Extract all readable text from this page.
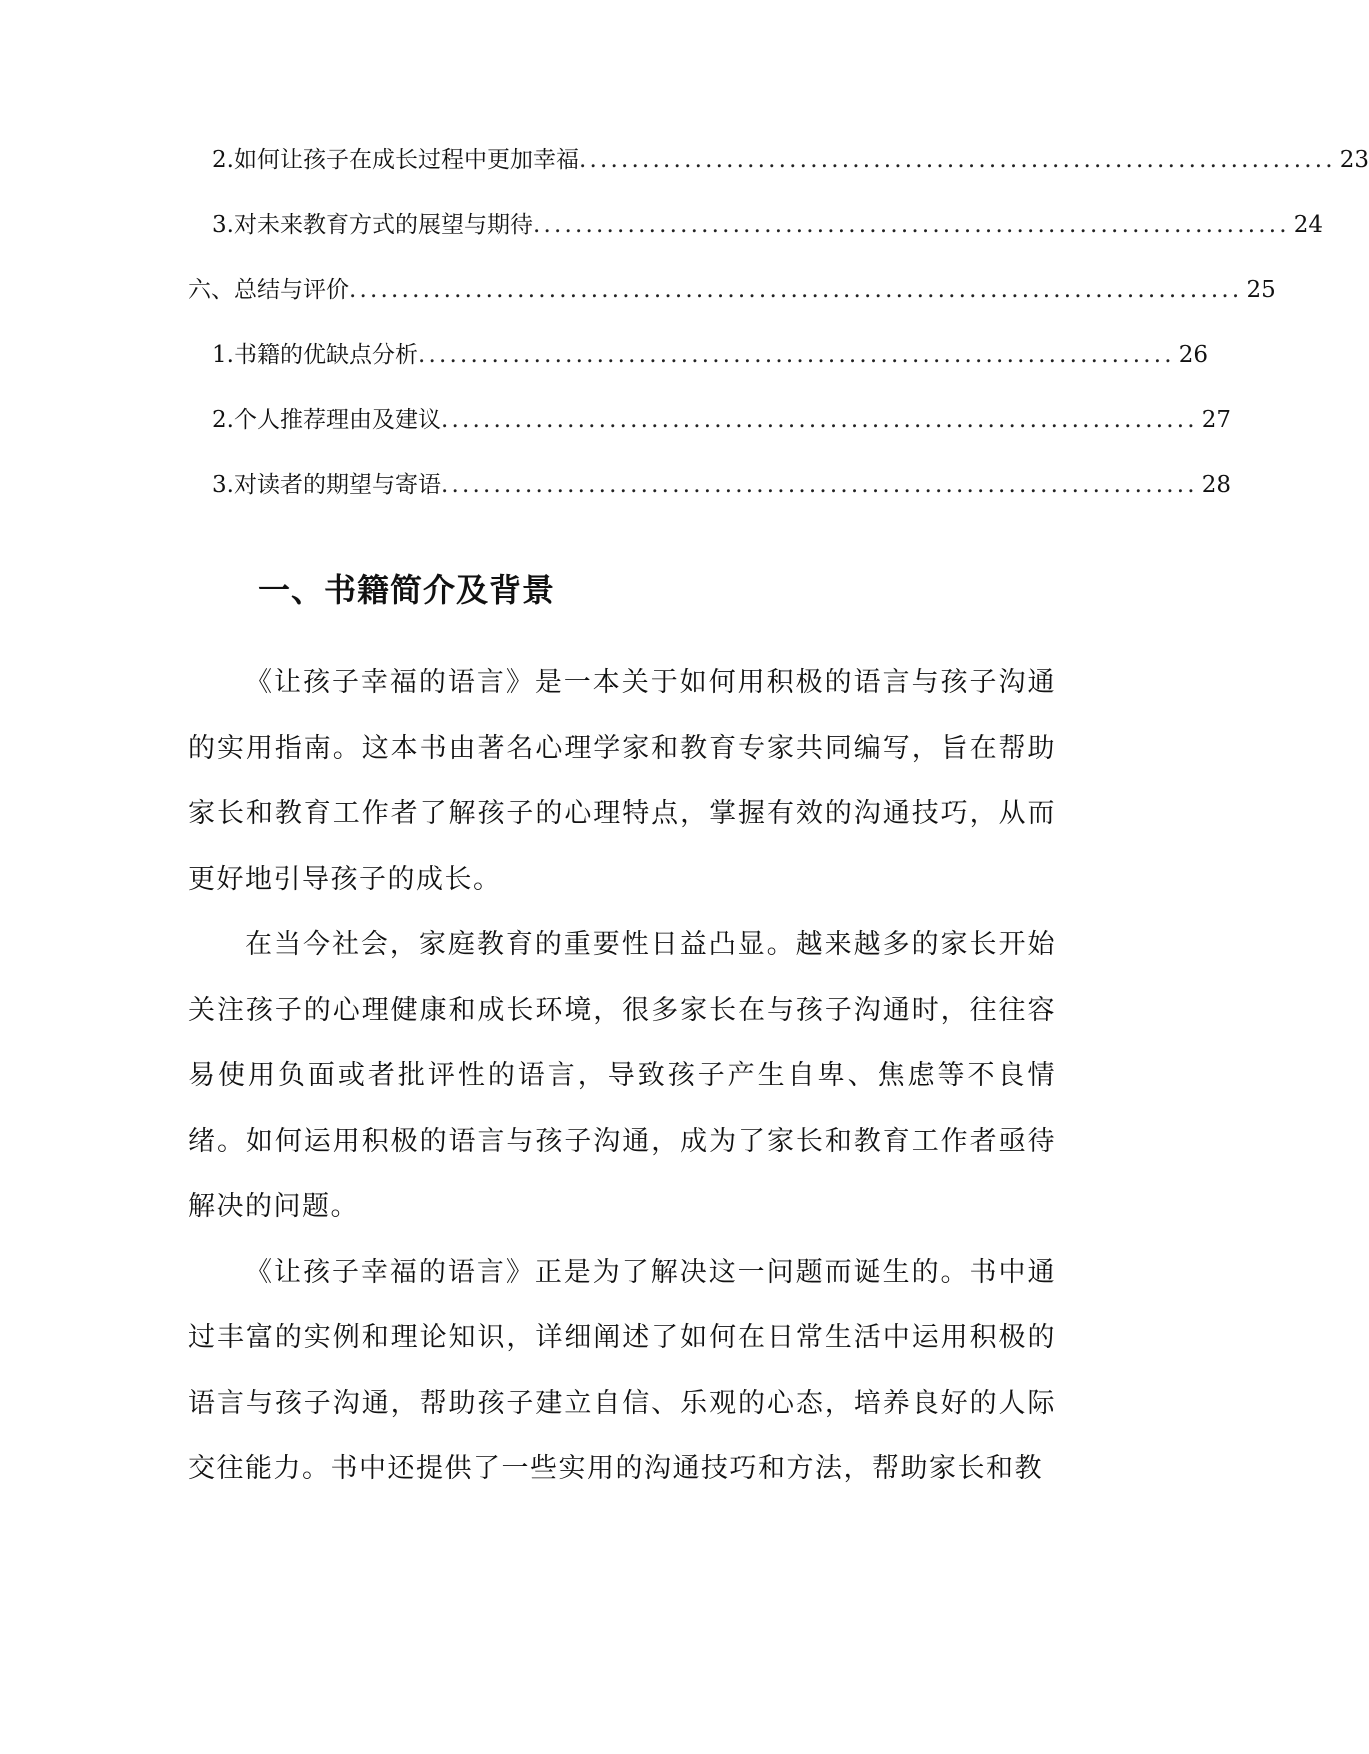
2. 如何让孩子在成长过程中更加幸福 ........................................................................ 23
3. 对未来教育方式的展望与期待 ........................................................................ 24
六、总结与评价 ..................................................................................... 25
1. 书籍的优缺点分析 ........................................................................ 26
2. 个人推荐理由及建议 ........................................................................ 27
3. 对读者的期望与寄语 ........................................................................ 28
一、书籍简介及背景

《让孩子幸福的语言》是一本关于如何用积极的语言与孩子沟通的实用指南。这本书由著名心理学家和教育专家共同编写，旨在帮助家长和教育工作者了解孩子的心理特点，掌握有效的沟通技巧，从而更好地引导孩子的成长。

在当今社会，家庭教育的重要性日益凸显。越来越多的家长开始关注孩子的心理健康和成长环境，很多家长在与孩子沟通时，往往容易使用负面或者批评性的语言，导致孩子产生自卑、焦虑等不良情绪。如何运用积极的语言与孩子沟通，成为了家长和教育工作者亟待解决的问题。

《让孩子幸福的语言》正是为了解决这一问题而诞生的。书中通过丰富的实例和理论知识，详细阐述了如何在日常生活中运用积极的语言与孩子沟通，帮助孩子建立自信、乐观的心态，培养良好的人际交往能力。书中还提供了一些实用的沟通技巧和方法，帮助家长和教
